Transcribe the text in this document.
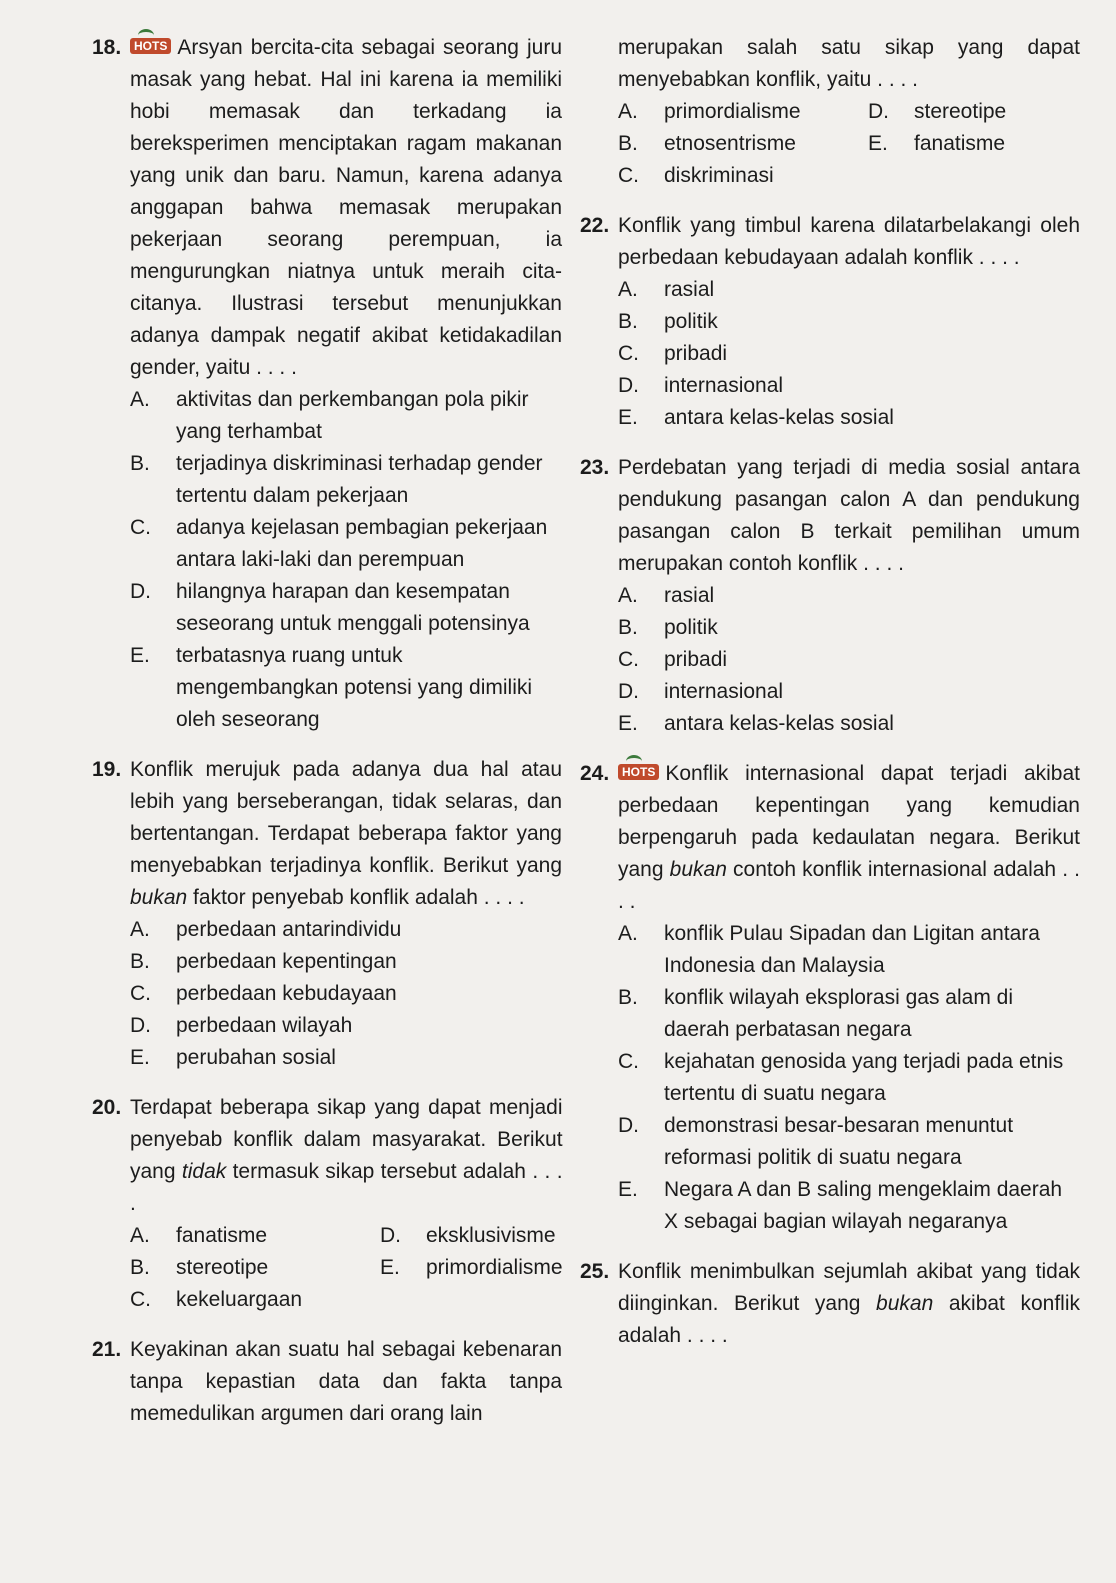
18.	HOTS Arsyan bercita-cita sebagai seorang juru masak yang hebat. Hal ini karena ia memiliki hobi memasak dan terkadang ia bereksperimen menciptakan ragam makanan yang unik dan baru. Namun, karena adanya anggapan bahwa memasak merupakan pekerjaan seorang perempuan, ia mengurungkan niatnya untuk meraih cita-citanya. Ilustrasi tersebut menunjukkan adanya dampak negatif akibat ketidakadilan gender, yaitu . . . .
A.	aktivitas dan perkembangan pola pikir yang terhambat
B.	terjadinya diskriminasi terhadap gender tertentu dalam pekerjaan
C.	adanya kejelasan pembagian pekerjaan antara laki-laki dan perempuan
D.	hilangnya harapan dan kesempatan seseorang untuk menggali potensinya
E.	terbatasnya ruang untuk mengembangkan potensi yang dimiliki oleh seseorang
19. Konflik merujuk pada adanya dua hal atau lebih yang berseberangan, tidak selaras, dan bertentangan. Terdapat beberapa faktor yang menyebabkan terjadinya konflik. Berikut yang bukan faktor penyebab konflik adalah . . . .
A.	perbedaan antarindividu
B.	perbedaan kepentingan
C.	perbedaan kebudayaan
D.	perbedaan wilayah
E.	perubahan sosial
20. Terdapat beberapa sikap yang dapat menjadi penyebab konflik dalam masyarakat. Berikut yang tidak termasuk sikap tersebut adalah . . . .
A.	fanatisme	D.	eksklusivisme
B.	stereotipe	E.	primordialisme
C.	kekeluargaan
21. Keyakinan akan suatu hal sebagai kebenaran tanpa kepastian data dan fakta tanpa memedulikan argumen dari orang lain
merupakan salah satu sikap yang dapat menyebabkan konflik, yaitu . . . .
A.	primordialisme	D.	stereotipe
B.	etnosentrisme	E.	fanatisme
C.	diskriminasi
22. Konflik yang timbul karena dilatarbelakangi oleh perbedaan kebudayaan adalah konflik . . . .
A.	rasial
B.	politik
C.	pribadi
D.	internasional
E.	antara kelas-kelas sosial
23. Perdebatan yang terjadi di media sosial antara pendukung pasangan calon A dan pendukung pasangan calon B terkait pemilihan umum merupakan contoh konflik . . . .
A.	rasial
B.	politik
C.	pribadi
D.	internasional
E.	antara kelas-kelas sosial
24.	HOTS Konflik internasional dapat terjadi akibat perbedaan kepentingan yang kemudian berpengaruh pada kedaulatan negara. Berikut yang bukan contoh konflik internasional adalah . . . .
A.	konflik Pulau Sipadan dan Ligitan antara Indonesia dan Malaysia
B.	konflik wilayah eksplorasi gas alam di daerah perbatasan negara
C.	kejahatan genosida yang terjadi pada etnis tertentu di suatu negara
D.	demonstrasi besar-besaran menuntut reformasi politik di suatu negara
E.	Negara A dan B saling mengeklaim daerah X sebagai bagian wilayah negaranya
25. Konflik menimbulkan sejumlah akibat yang tidak diinginkan. Berikut yang bukan akibat konflik adalah . . . .
